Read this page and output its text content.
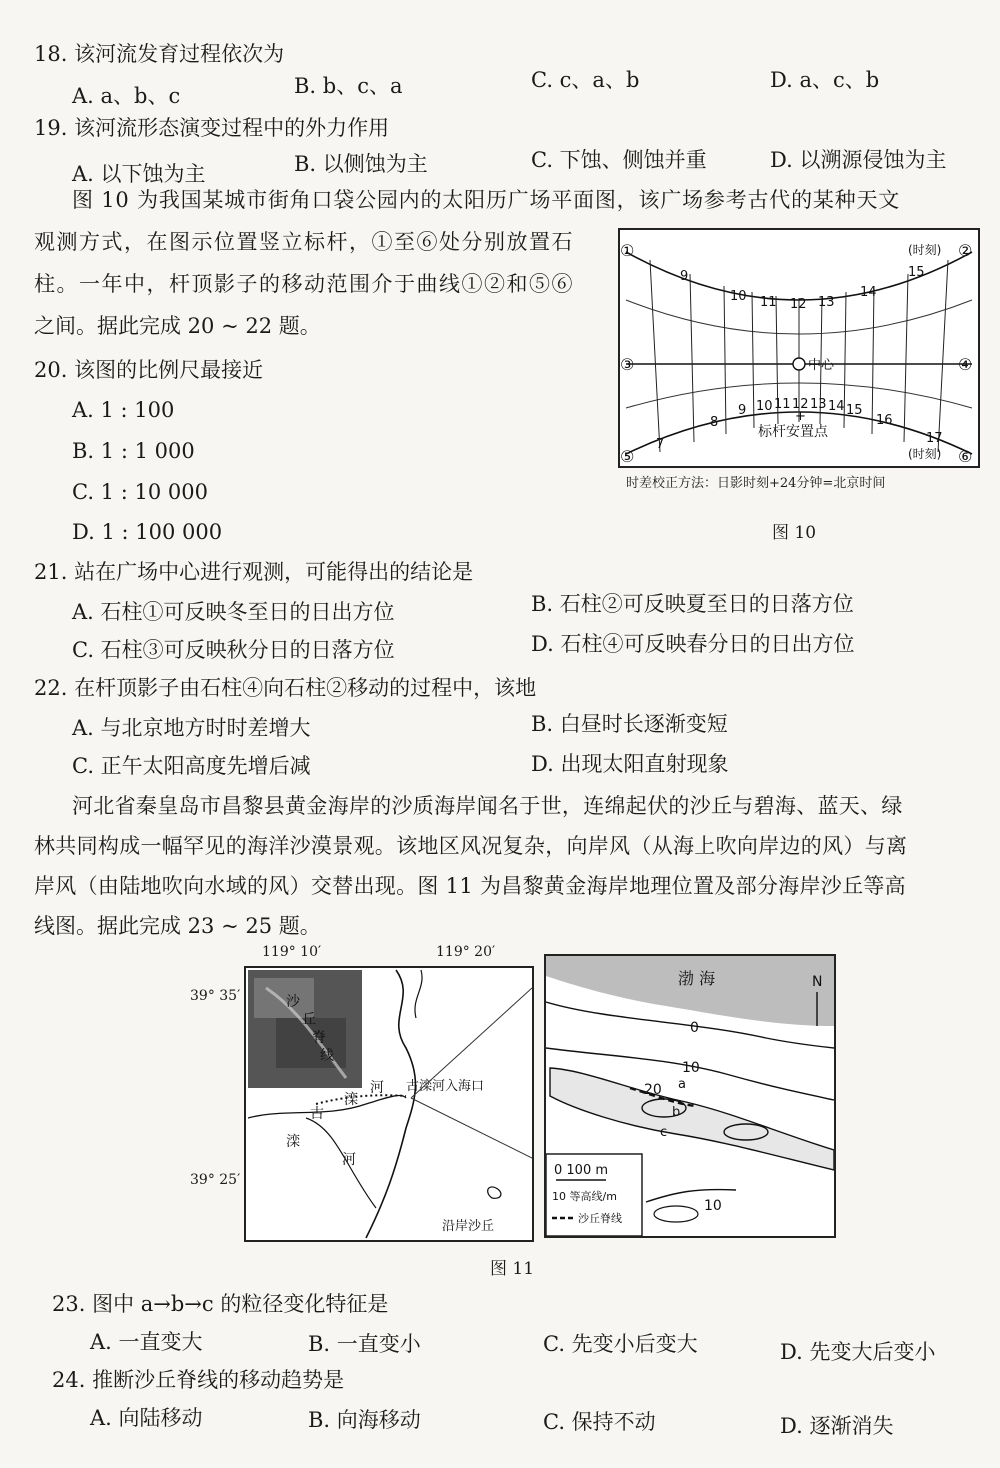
18. 该河流发育过程依次为
A. a、b、c	B. b、c、a	C. c、a、b	D. a、c、b
19. 该河流形态演变过程中的外力作用
A. 以下蚀为主	B. 以侧蚀为主	C. 下蚀、侧蚀并重	D. 以溯源侵蚀为主
图 10 为我国某城市街角口袋公园内的太阳历广场平面图，该广场参考古代的某种天文
观测方式，在图示位置竖立标杆，①至⑥处分别放置石
柱。一年中，杆顶影子的移动范围介于曲线①②和⑤⑥
之间。据此完成 20 ~ 22 题。
20. 该图的比例尺最接近
A. 1 : 100
B. 1 : 1 000
C. 1 : 10 000
D. 1 : 100 000
中心
+
标杆安置点
9
10 11 12 13
14
15
8
9 10 11 12 13 14 15
16
7	17
(时刻)
(时刻)
①	②
③	④
⑤	⑥
时差校正方法：日影时刻+24分钟=北京时间
图 10
21. 站在广场中心进行观测，可能得出的结论是
A. 石柱①可反映冬至日的日出方位	B. 石柱②可反映夏至日的日落方位
C. 石柱③可反映秋分日的日落方位	D. 石柱④可反映春分日的日出方位
22. 在杆顶影子由石柱④向石柱②移动的过程中，该地
A. 与北京地方时时差增大	B. 白昼时长逐渐变短
C. 正午太阳高度先增后减	D. 出现太阳直射现象
河北省秦皇岛市昌黎县黄金海岸的沙质海岸闻名于世，连绵起伏的沙丘与碧海、蓝天、绿
林共同构成一幅罕见的海洋沙漠景观。该地区风况复杂，向岸风（从海上吹向岸边的风）与离
岸风（由陆地吹向水域的风）交替出现。图 11 为昌黎黄金海岸地理位置及部分海岸沙丘等高
线图。据此完成 23 ~ 25 题。
119° 10′	119° 20′
39° 35′
39° 25′
沙
丘
脊
线
古
滦
河
滦
河
古滦河入海口
沿岸沙丘
渤 海	N
0
10
20 a
b
c
10
0 100 m
10 等高线/m
沙丘脊线
图 11
23. 图中 a→b→c 的粒径变化特征是
A. 一直变大	B. 一直变小	C. 先变小后变大	D. 先变大后变小
24. 推断沙丘脊线的移动趋势是
A. 向陆移动	B. 向海移动	C. 保持不动	D. 逐渐消失
